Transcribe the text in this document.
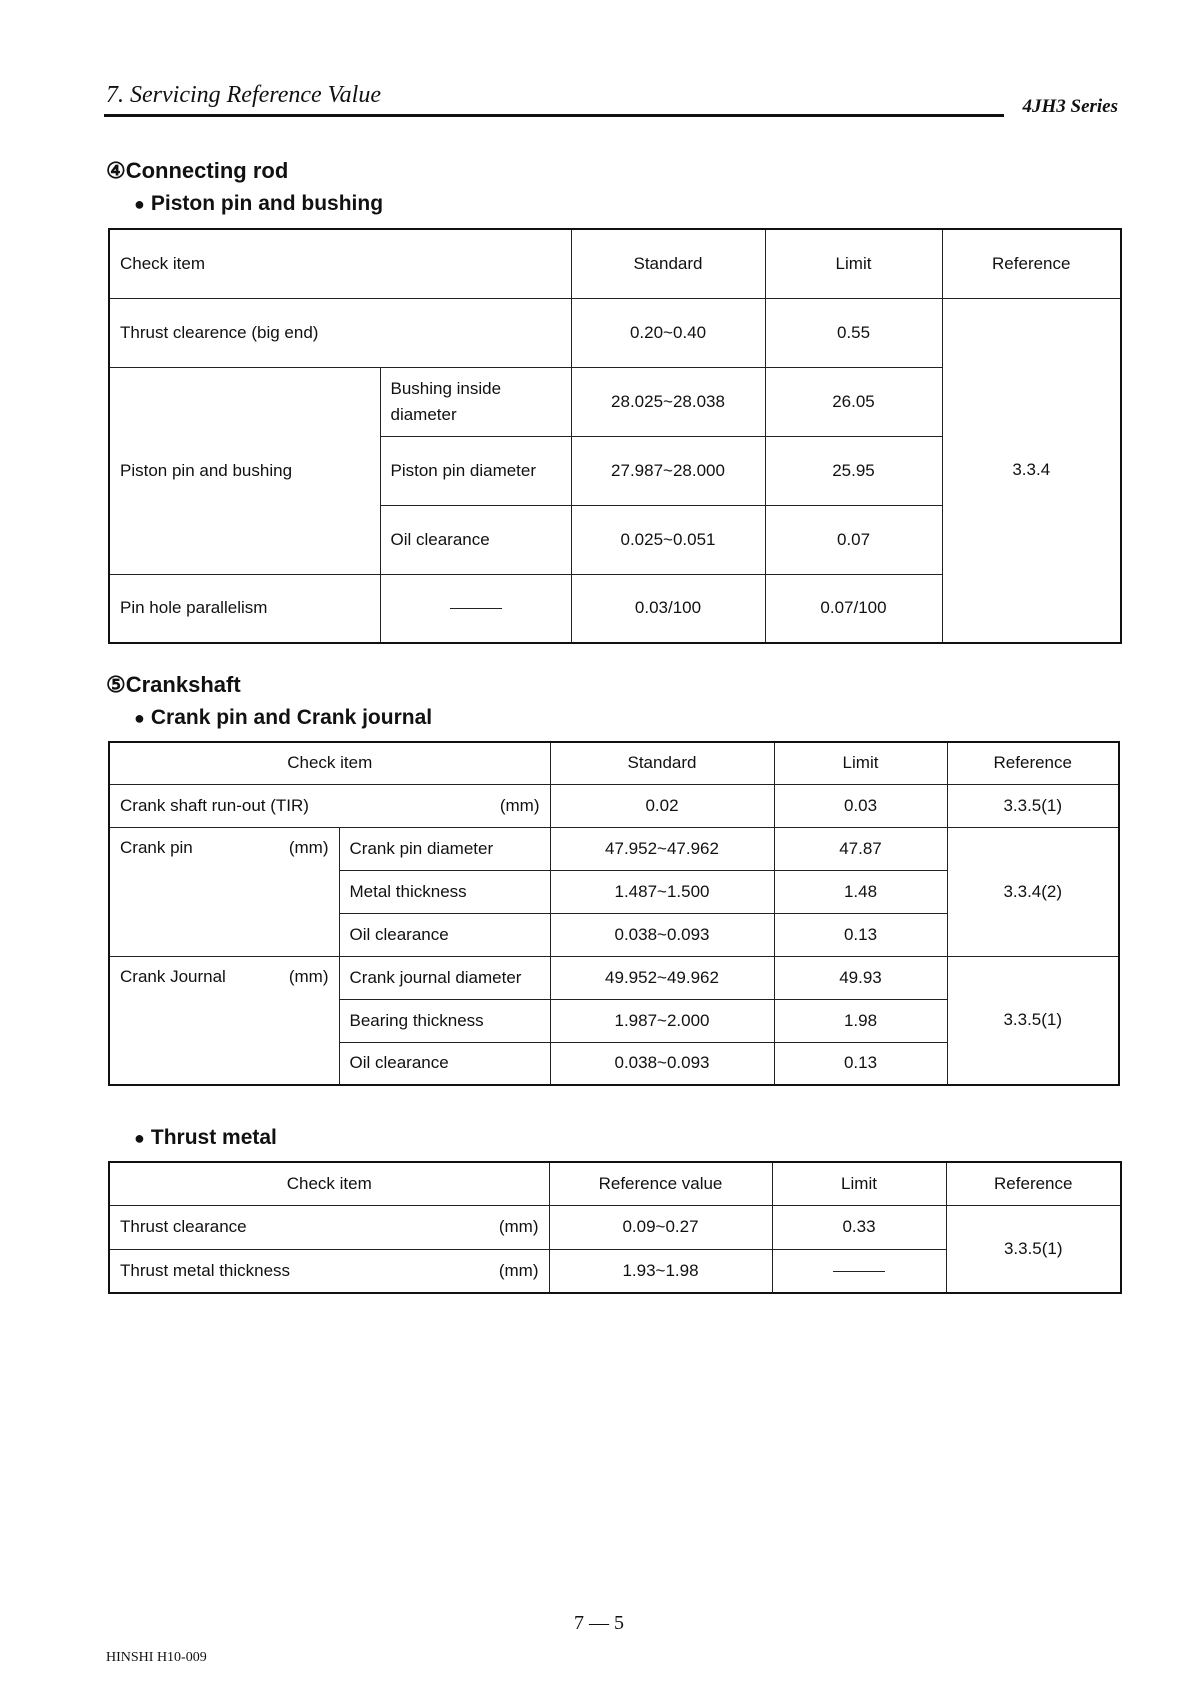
7. Servicing Reference Value	4JH3 Series
④Connecting rod
● Piston pin and bushing
Check item		Standard	Limit	Reference
Thrust clearence (big end)		0.20~0.40	0.55	3.3.4
Piston pin and bushing	Bushing inside diameter	28.025~28.038	26.05	
	Piston pin diameter	27.987~28.000	25.95	
	Oil clearance	0.025~0.051	0.07	
Pin hole parallelism		0.03/100	0.07/100	
⑤Crankshaft
● Crank pin and Crank journal
Check item		Standard	Limit	Reference
Crank shaft run-out (TIR) (mm)		0.02	0.03	3.3.5(1)
Crank pin (mm)	Crank pin diameter	47.952~47.962	47.87	3.3.4(2)
	Metal thickness	1.487~1.500	1.48	
	Oil clearance	0.038~0.093	0.13	
Crank Journal (mm)	Crank journal diameter	49.952~49.962	49.93	3.3.5(1)
	Bearing thickness	1.987~2.000	1.98	
	Oil clearance	0.038~0.093	0.13	
● Thrust metal
Check item	Reference value	Limit	Reference
Thrust clearance (mm)	0.09~0.27	0.33	3.3.5(1)
Thrust metal thickness (mm)	1.93~1.98		
7 — 5
HINSHI H10-009
